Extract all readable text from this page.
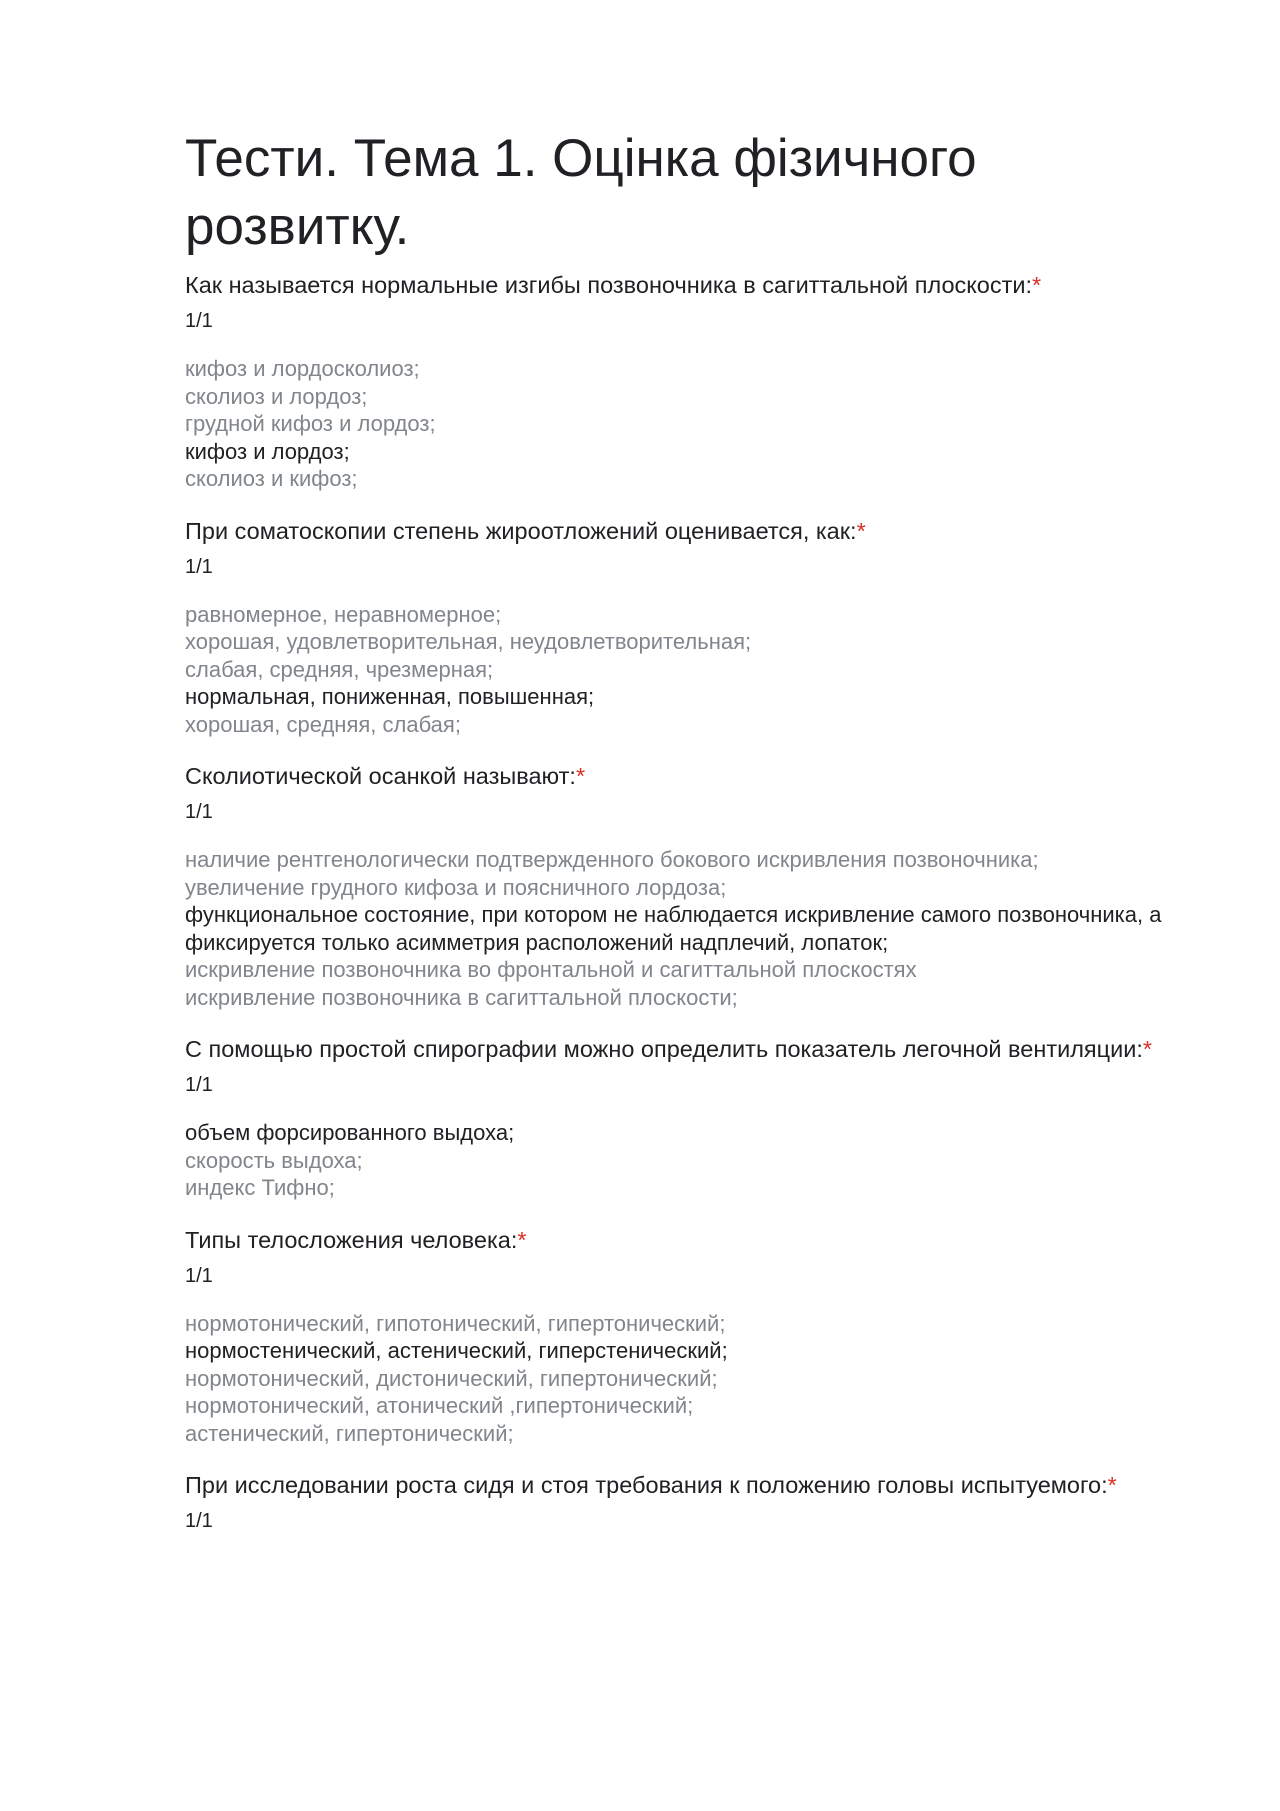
Тести. Тема 1. Оцінка фізичного розвитку.
Как называется нормальные изгибы позвоночника в сагиттальной плоскости:*
1/1
кифоз и лордосколиоз;
сколиоз и лордоз;
грудной кифоз и лордоз;
кифоз и лордоз;
сколиоз и кифоз;
При соматоскопии степень жироотложений оценивается, как:*
1/1
равномерное, неравномерное;
хорошая, удовлетворительная, неудовлетворительная;
слабая, средняя, чрезмерная;
нормальная, пониженная, повышенная;
хорошая, средняя, слабая;
Сколиотической осанкой называют:*
1/1
наличие рентгенологически подтвержденного бокового искривления позвоночника;
увеличение грудного кифоза и поясничного лордоза;
функциональное состояние, при котором не наблюдается искривление самого позвоночника, а фиксируется только асимметрия расположений надплечий, лопаток;
искривление позвоночника во фронтальной и сагиттальной плоскостях
искривление позвоночника в сагиттальной плоскости;
С помощью простой спирографии можно определить показатель легочной вентиляции:*
1/1
объем форсированного выдоха;
скорость выдоха;
индекс Тифно;
Типы телосложения человека:*
1/1
нормотонический, гипотонический, гипертонический;
нормостенический, астенический, гиперстенический;
нормотонический, дистонический, гипертонический;
нормотонический, атонический ,гипертонический;
астенический, гипертонический;
При исследовании роста сидя и стоя требования к положению головы испытуемого:*
1/1
